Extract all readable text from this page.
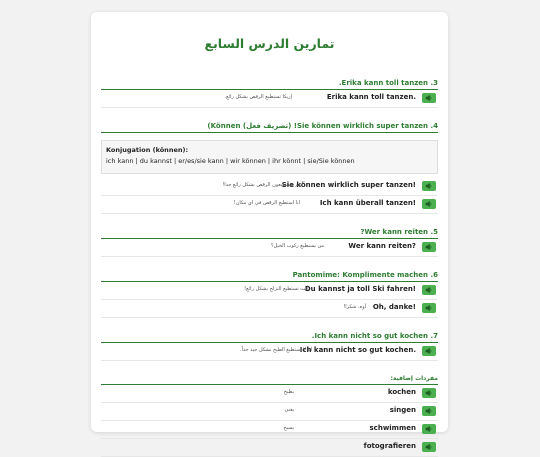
تمارين الدرس السابع
.Erika kann toll tanzen .3
Erika kann toll tanzen.
إريكا تستطيع الرقص بشكل رائع.
(Können (تصريف فعل) !Sie können wirklich super tanzen .4
Konjugation (können):
ich kann | du kannst | er/es/sie kann | wir können | ihr könnt | sie/Sie können
Sie können wirklich super tanzen!
انتم تستطيعون الرقص بشكل رائع جدا!
Ich kann überall tanzen!
انا استطيع الرقص في اي مكان!
?Wer kann reiten .5
Wer kann reiten?
من يستطيع ركوب الخيل؟
Pantomime: Komplimente machen .6
Du kannst ja toll Ski fahren!
أنت تستطيع التزلج بشكل رائع!
Oh, danke!
أوه، شكرا!
.Ich kann nicht so gut kochen .7
Ich kann nicht so gut kochen.
انا لا استطيع الطبخ بشكل جيد جداً.
مفردات إضافية:
kochen
يطبخ
singen
يغني
schwimmen
يسبح
fotografieren
